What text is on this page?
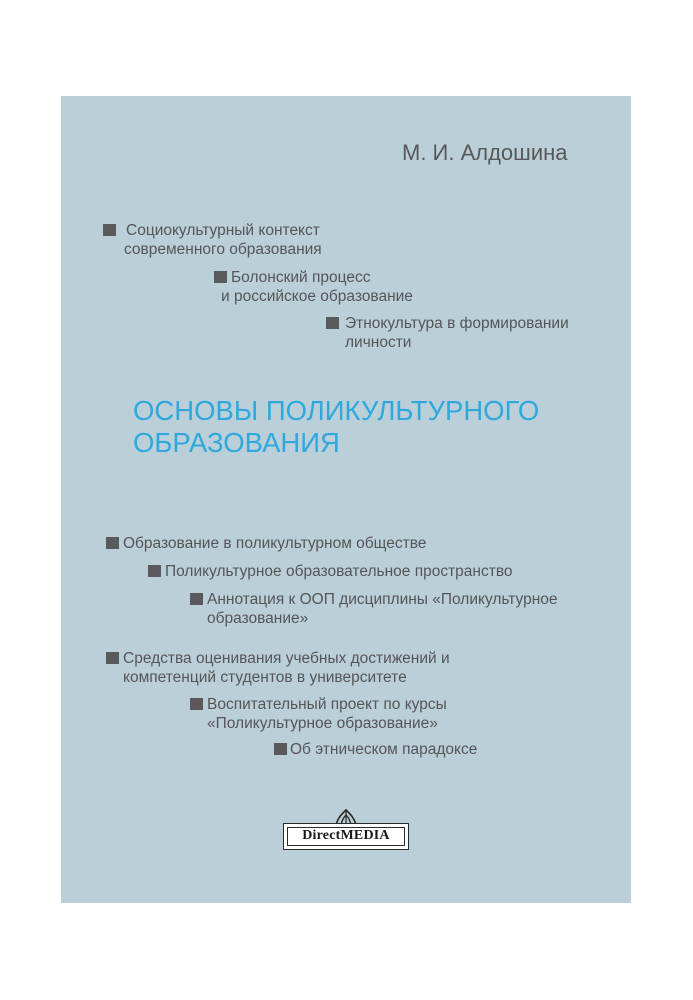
М. И. Алдошина
Социокультурный контекст
современного образования
Болонский процесс
и российское образование
Этнокультура в формировании
личности
ОСНОВЫ ПОЛИКУЛЬТУРНОГО
ОБРАЗОВАНИЯ
Образование в поликультурном обществе
Поликультурное образовательное пространство
Аннотация к ООП дисциплины «Поликультурное
образование»
Средства оценивания учебных достижений и
компетенций студентов в университете
Воспитательный проект по курсы
«Поликультурное образование»
Об этническом парадоксе
DirectMEDIA
